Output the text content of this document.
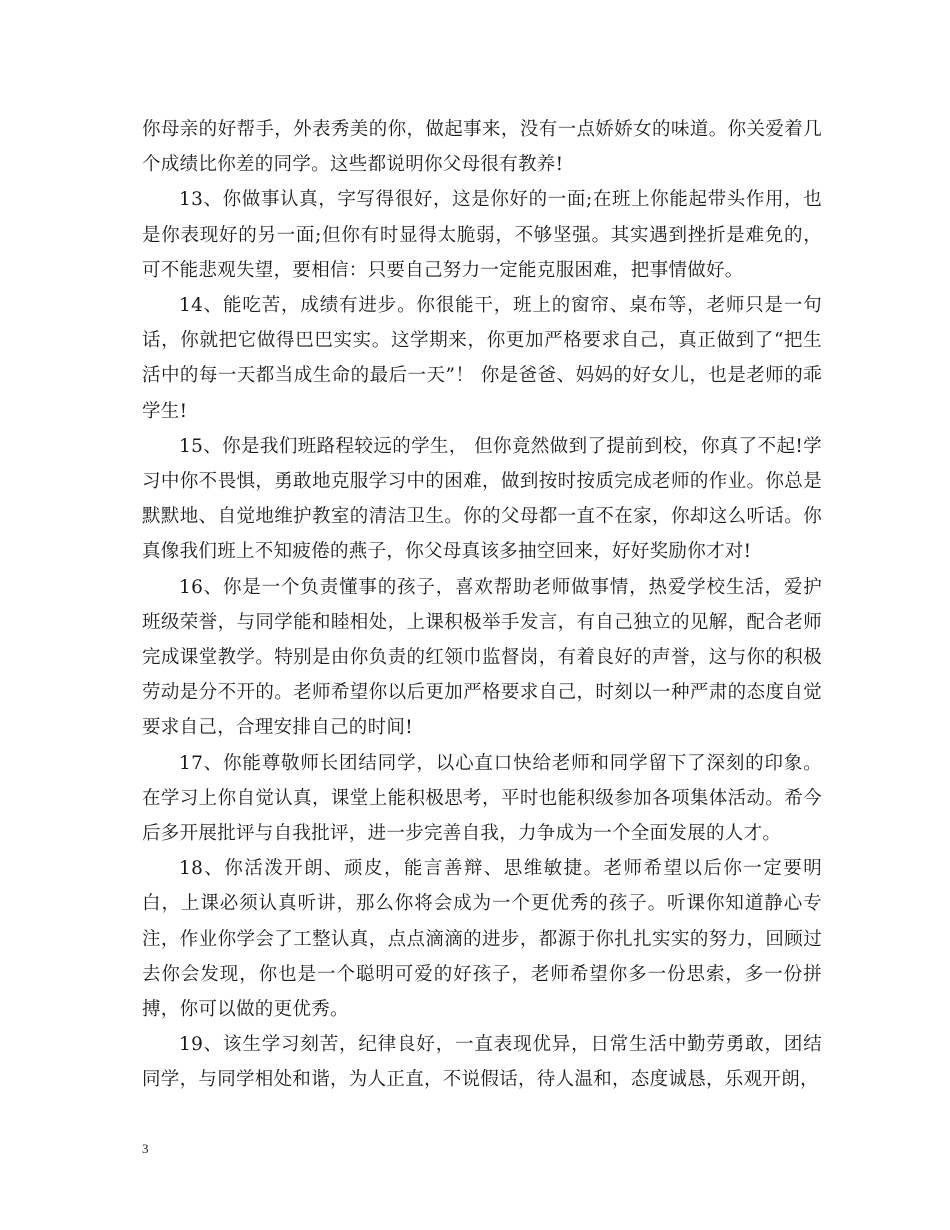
你母亲的好帮手，外表秀美的你，做起事来，没有一点娇娇女的味道。你关爱着几个成绩比你差的同学。这些都说明你父母很有教养!

13、你做事认真，字写得很好，这是你好的一面;在班上你能起带头作用，也是你表现好的另一面;但你有时显得太脆弱，不够坚强。其实遇到挫折是难免的，可不能悲观失望，要相信：只要自己努力一定能克服困难，把事情做好。

14、能吃苦，成绩有进步。你很能干，班上的窗帘、桌布等，老师只是一句话，你就把它做得巴巴实实。这学期来，你更加严格要求自己，真正做到了“把生活中的每一天都当成生命的最后一天”！ 你是爸爸、妈妈的好女儿，也是老师的乖学生!

15、你是我们班路程较远的学生， 但你竟然做到了提前到校，你真了不起!学习中你不畏惧，勇敢地克服学习中的困难，做到按时按质完成老师的作业。你总是默默地、自觉地维护教室的清洁卫生。你的父母都一直不在家，你却这么听话。你真像我们班上不知疲倦的燕子，你父母真该多抽空回来，好好奖励你才对!

16、你是一个负责懂事的孩子，喜欢帮助老师做事情，热爱学校生活，爱护班级荣誉，与同学能和睦相处，上课积极举手发言，有自己独立的见解，配合老师完成课堂教学。特别是由你负责的红领巾监督岗，有着良好的声誉，这与你的积极劳动是分不开的。老师希望你以后更加严格要求自己，时刻以一种严肃的态度自觉要求自己，合理安排自己的时间!

17、你能尊敬师长团结同学，以心直口快给老师和同学留下了深刻的印象。在学习上你自觉认真，课堂上能积极思考，平时也能积级参加各项集体活动。希今后多开展批评与自我批评，进一步完善自我，力争成为一个全面发展的人才。

18、你活泼开朗、顽皮，能言善辩、思维敏捷。老师希望以后你一定要明白，上课必须认真听讲，那么你将会成为一个更优秀的孩子。听课你知道静心专注，作业你学会了工整认真，点点滴滴的进步，都源于你扎扎实实的努力，回顾过去你会发现，你也是一个聪明可爱的好孩子，老师希望你多一份思索，多一份拼搏，你可以做的更优秀。

19、该生学习刻苦，纪律良好，一直表现优异，日常生活中勤劳勇敢，团结同学，与同学相处和谐，为人正直，不说假话，待人温和，态度诚恳，乐观开朗，

3
